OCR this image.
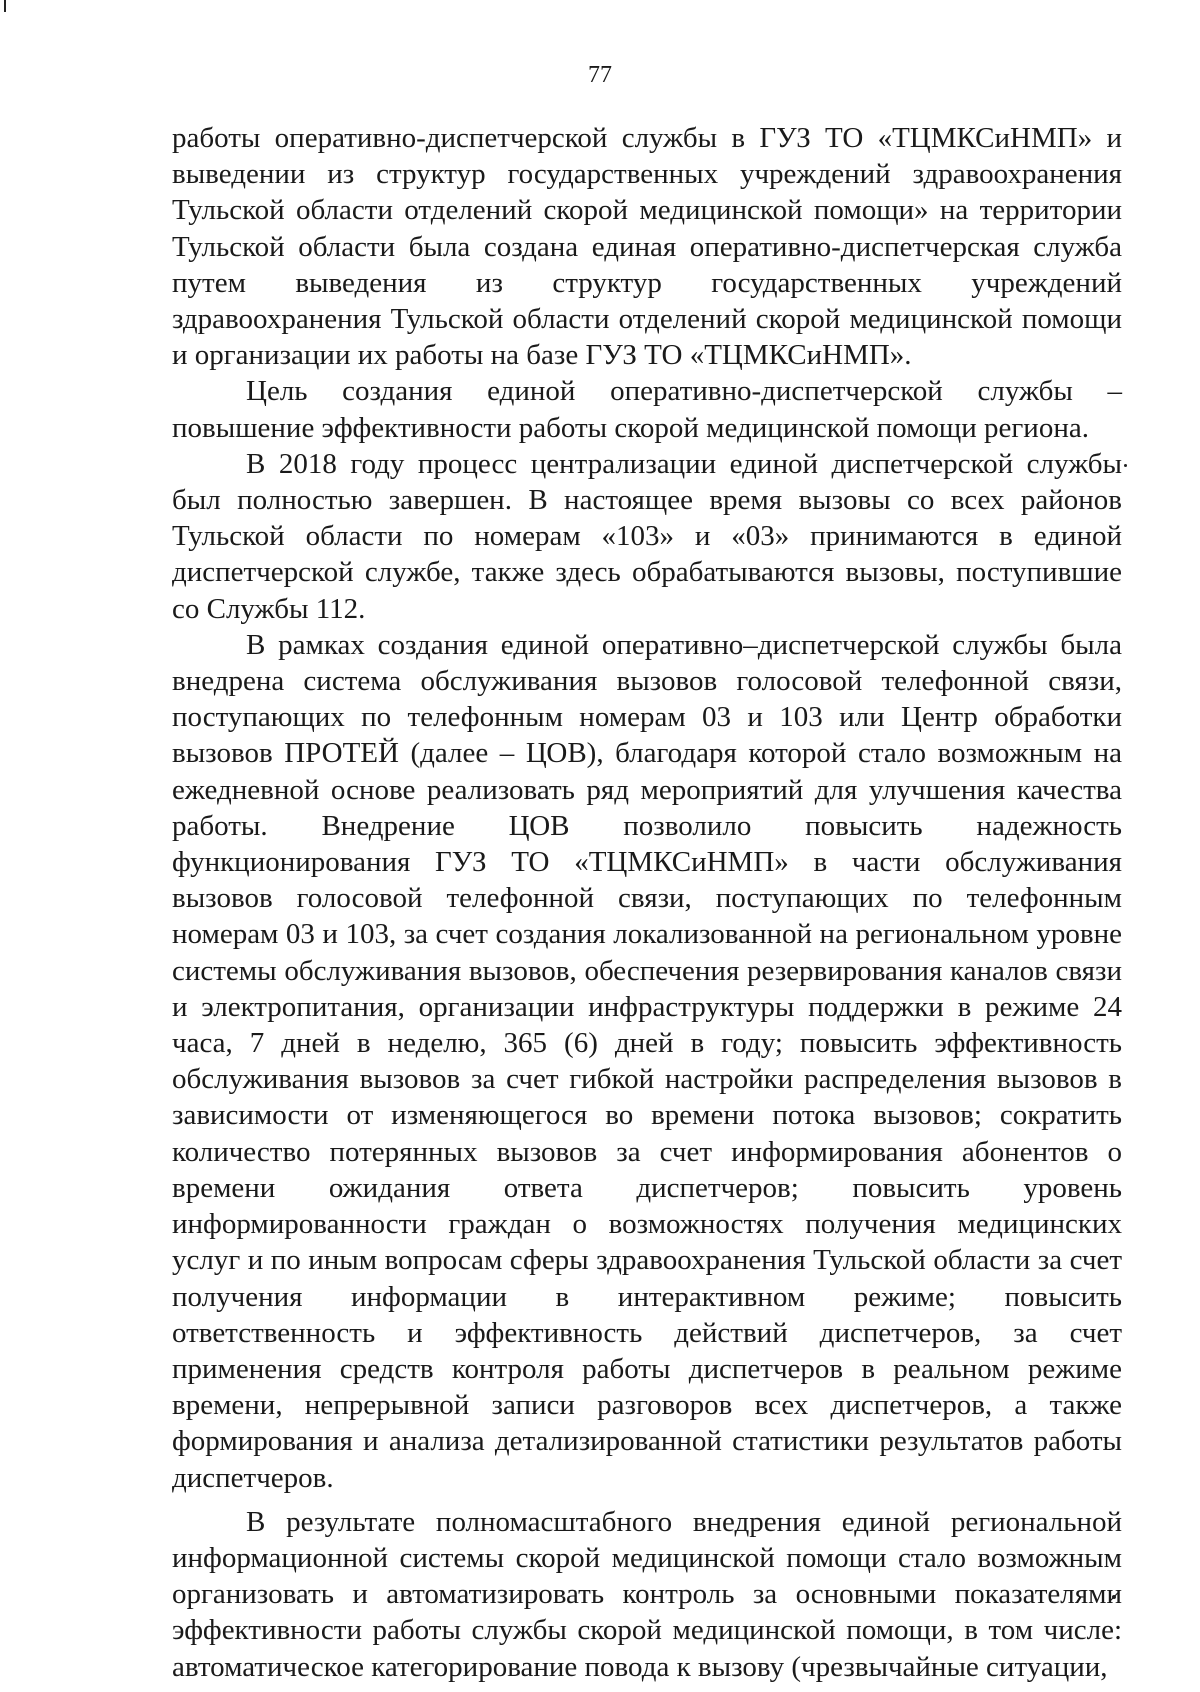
77

работы оперативно-диспетчерской службы в ГУЗ ТО «ТЦМКСиНМП» и выведении из структур государственных учреждений здравоохранения Тульской области отделений скорой медицинской помощи» на территории Тульской области была создана единая оперативно-диспетчерская служба путем выведения из структур государственных учреждений здравоохранения Тульской области отделений скорой медицинской помощи и организации их работы на базе ГУЗ ТО «ТЦМКСиНМП».

Цель создания единой оперативно-диспетчерской службы – повышение эффективности работы скорой медицинской помощи региона.

В 2018 году процесс централизации единой диспетчерской службы был полностью завершен. В настоящее время вызовы со всех районов Тульской области по номерам «103» и «03» принимаются в единой диспетчерской службе, также здесь обрабатываются вызовы, поступившие со Службы 112.

В рамках создания единой оперативно–диспетчерской службы была внедрена система обслуживания вызовов голосовой телефонной связи, поступающих по телефонным номерам 03 и 103 или Центр обработки вызовов ПРОТЕЙ (далее – ЦОВ), благодаря которой стало возможным на ежедневной основе реализовать ряд мероприятий для улучшения качества работы. Внедрение ЦОВ позволило повысить надежность функционирования ГУЗ ТО «ТЦМКСиНМП» в части обслуживания вызовов голосовой телефонной связи, поступающих по телефонным номерам 03 и 103, за счет создания локализованной на региональном уровне системы обслуживания вызовов, обеспечения резервирования каналов связи и электропитания, организации инфраструктуры поддержки в режиме 24 часа, 7 дней в неделю, 365 (6) дней в году; повысить эффективность обслуживания вызовов за счет гибкой настройки распределения вызовов в зависимости от изменяющегося во времени потока вызовов; сократить количество потерянных вызовов за счет информирования абонентов о времени ожидания ответа диспетчеров; повысить уровень информированности граждан о возможностях получения медицинских услуг и по иным вопросам сферы здравоохранения Тульской области за счет получения информации в интерактивном режиме; повысить ответственность и эффективность действий диспетчеров, за счет применения средств контроля работы диспетчеров в реальном режиме времени, непрерывной записи разговоров всех диспетчеров, а также формирования и анализа детализированной статистики результатов работы диспетчеров.

В результате полномасштабного внедрения единой региональной информационной системы скорой медицинской помощи стало возможным организовать и автоматизировать контроль за основными показателями эффективности работы службы скорой медицинской помощи, в том числе: автоматическое категорирование повода к вызову (чрезвычайные ситуации,
